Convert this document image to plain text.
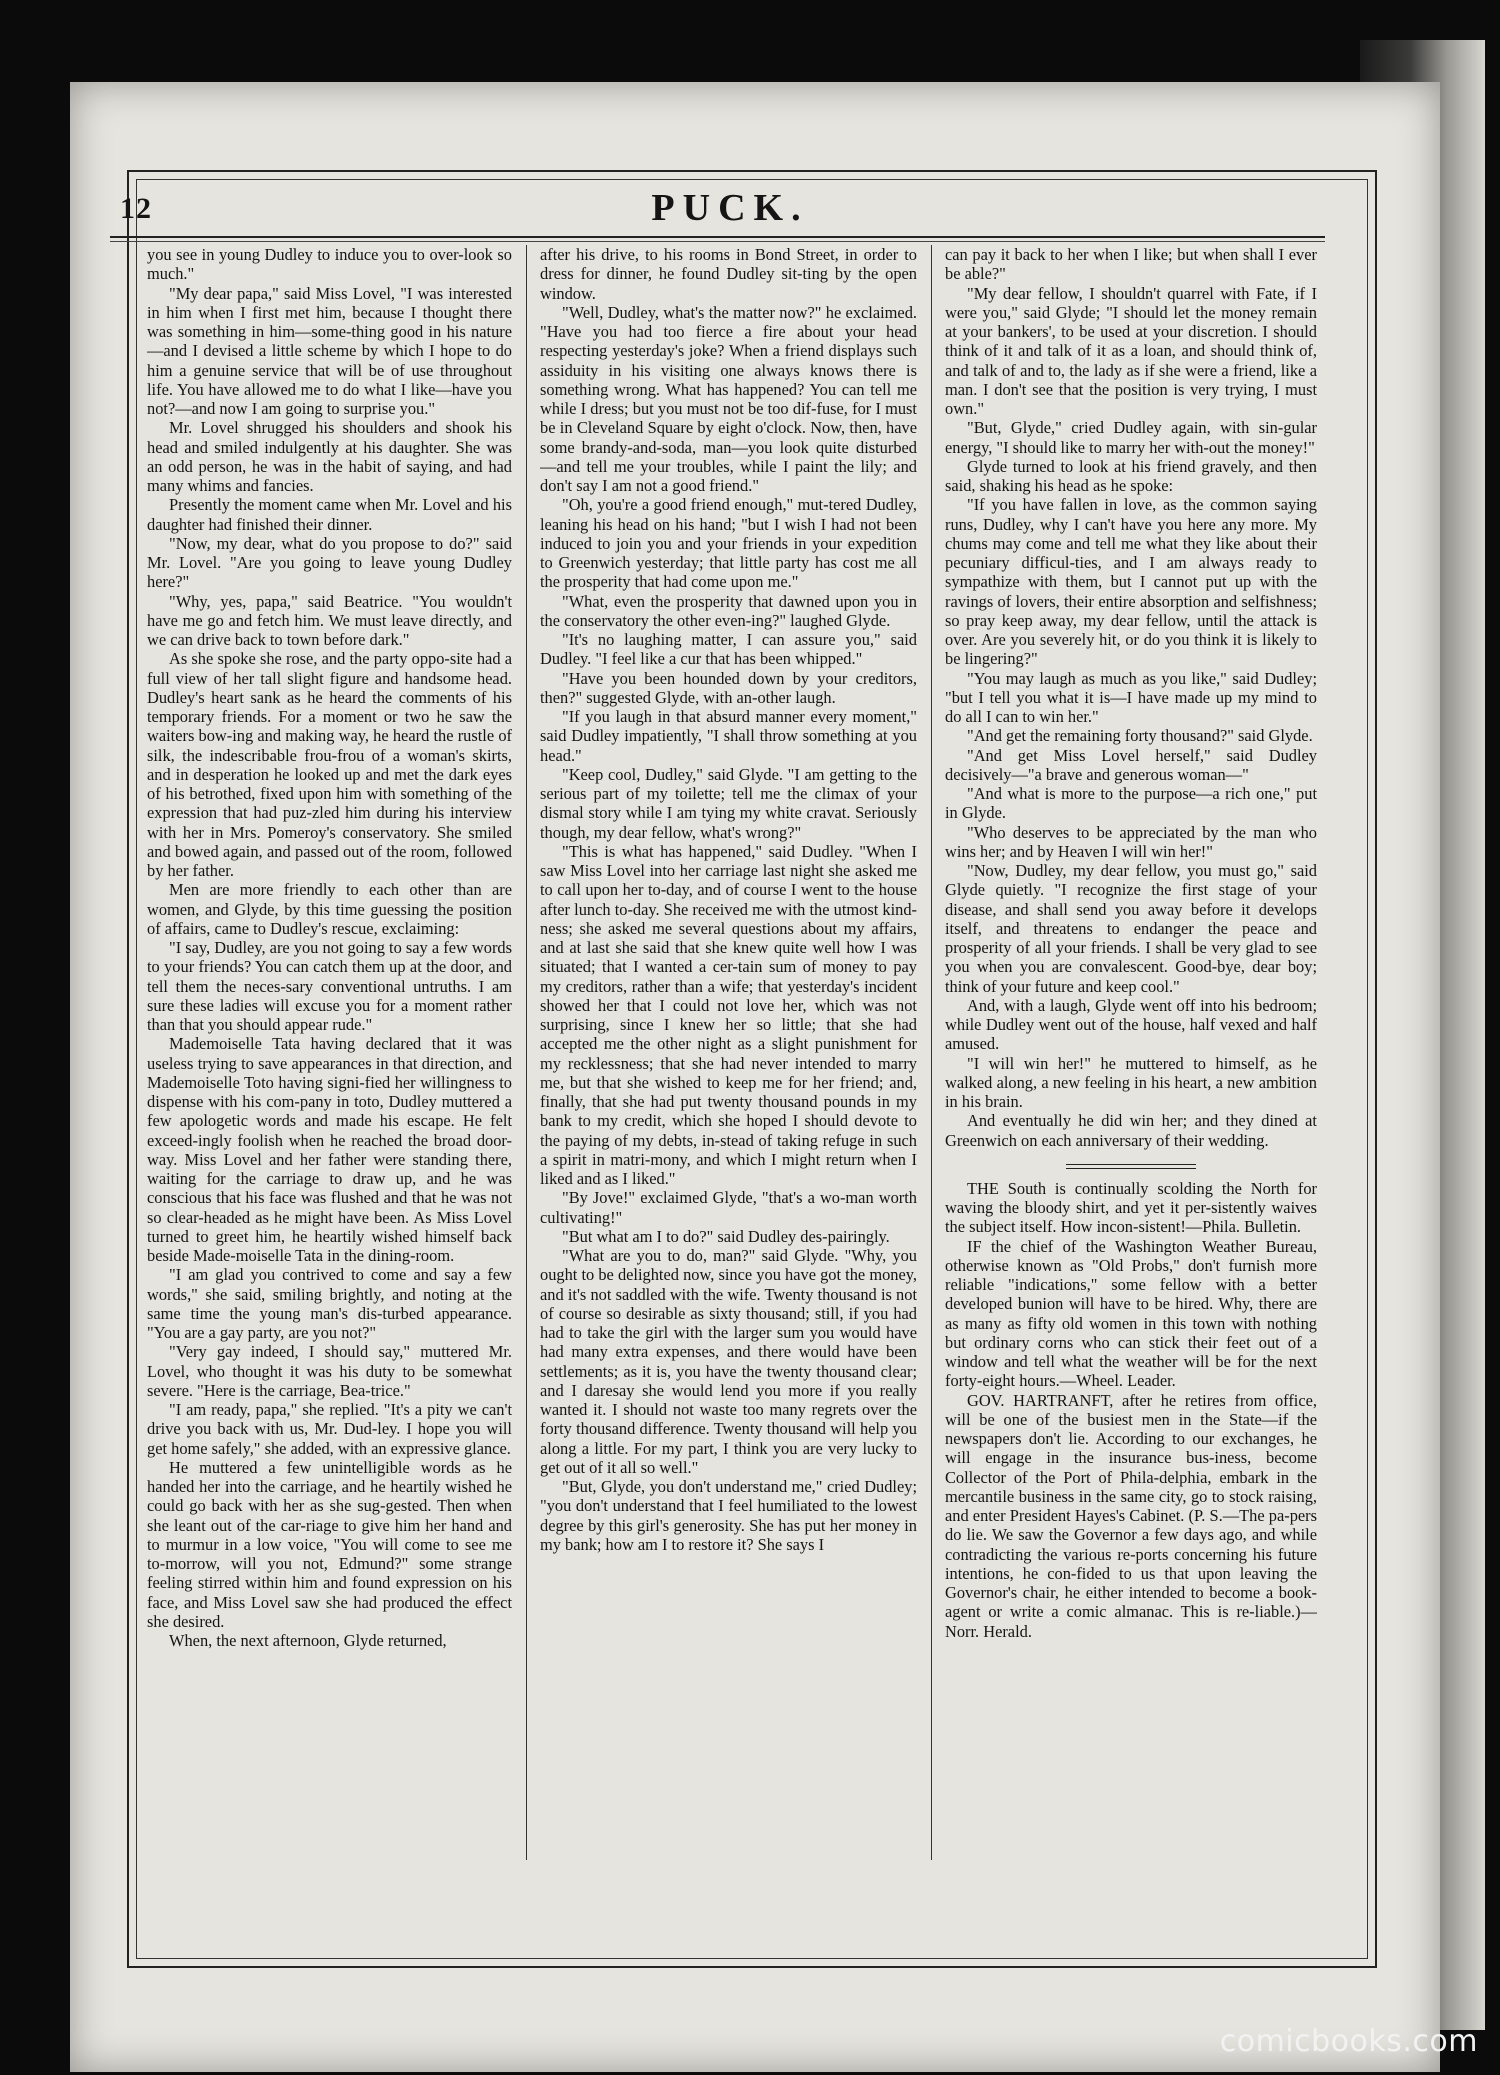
12	PUCK.

you see in young Dudley to induce you to over-look so much."

"My dear papa," said Miss Lovel, "I was interested in him when I first met him, because I thought there was something in him—some-thing good in his nature—and I devised a little scheme by which I hope to do him a genuine service that will be of use throughout life. You have allowed me to do what I like—have you not?—and now I am going to surprise you."

Mr. Lovel shrugged his shoulders and shook his head and smiled indulgently at his daughter. She was an odd person, he was in the habit of saying, and had many whims and fancies.

Presently the moment came when Mr. Lovel and his daughter had finished their dinner.

"Now, my dear, what do you propose to do?" said Mr. Lovel. "Are you going to leave young Dudley here?"

"Why, yes, papa," said Beatrice. "You wouldn't have me go and fetch him. We must leave directly, and we can drive back to town before dark."

As she spoke she rose, and the party oppo-site had a full view of her tall slight figure and handsome head. Dudley's heart sank as he heard the comments of his temporary friends. For a moment or two he saw the waiters bow-ing and making way, he heard the rustle of silk, the indescribable frou-frou of a woman's skirts, and in desperation he looked up and met the dark eyes of his betrothed, fixed upon him with something of the expression that had puz-zled him during his interview with her in Mrs. Pomeroy's conservatory. She smiled and bowed again, and passed out of the room, followed by her father.

Men are more friendly to each other than are women, and Glyde, by this time guessing the position of affairs, came to Dudley's rescue, exclaiming:

"I say, Dudley, are you not going to say a few words to your friends? You can catch them up at the door, and tell them the neces-sary conventional untruths. I am sure these ladies will excuse you for a moment rather than that you should appear rude."

Mademoiselle Tata having declared that it was useless trying to save appearances in that direction, and Mademoiselle Toto having signi-fied her willingness to dispense with his com-pany in toto, Dudley muttered a few apologetic words and made his escape. He felt exceed-ingly foolish when he reached the broad door-way. Miss Lovel and her father were standing there, waiting for the carriage to draw up, and he was conscious that his face was flushed and that he was not so clear-headed as he might have been. As Miss Lovel turned to greet him, he heartily wished himself back beside Made-moiselle Tata in the dining-room.

"I am glad you contrived to come and say a few words," she said, smiling brightly, and noting at the same time the young man's dis-turbed appearance. "You are a gay party, are you not?"

"Very gay indeed, I should say," muttered Mr. Lovel, who thought it was his duty to be somewhat severe. "Here is the carriage, Bea-trice."

"I am ready, papa," she replied. "It's a pity we can't drive you back with us, Mr. Dud-ley. I hope you will get home safely," she added, with an expressive glance.

He muttered a few unintelligible words as he handed her into the carriage, and he heartily wished he could go back with her as she sug-gested. Then when she leant out of the car-riage to give him her hand and to murmur in a low voice, "You will come to see me to-morrow, will you not, Edmund?" some strange feeling stirred within him and found expression on his face, and Miss Lovel saw she had produced the effect she desired.

When, the next afternoon, Glyde returned,

after his drive, to his rooms in Bond Street, in order to dress for dinner, he found Dudley sit-ting by the open window.

"Well, Dudley, what's the matter now?" he exclaimed. "Have you had too fierce a fire about your head respecting yesterday's joke? When a friend displays such assiduity in his visiting one always knows there is something wrong. What has happened? You can tell me while I dress; but you must not be too dif-fuse, for I must be in Cleveland Square by eight o'clock. Now, then, have some brandy-and-soda, man—you look quite disturbed—and tell me your troubles, while I paint the lily; and don't say I am not a good friend."

"Oh, you're a good friend enough," mut-tered Dudley, leaning his head on his hand; "but I wish I had not been induced to join you and your friends in your expedition to Greenwich yesterday; that little party has cost me all the prosperity that had come upon me."

"What, even the prosperity that dawned upon you in the conservatory the other even-ing?" laughed Glyde.

"It's no laughing matter, I can assure you," said Dudley. "I feel like a cur that has been whipped."

"Have you been hounded down by your creditors, then?" suggested Glyde, with an-other laugh.

"If you laugh in that absurd manner every moment," said Dudley impatiently, "I shall throw something at you head."

"Keep cool, Dudley," said Glyde. "I am getting to the serious part of my toilette; tell me the climax of your dismal story while I am tying my white cravat. Seriously though, my dear fellow, what's wrong?"

"This is what has happened," said Dudley. "When I saw Miss Lovel into her carriage last night she asked me to call upon her to-day, and of course I went to the house after lunch to-day. She received me with the utmost kind-ness; she asked me several questions about my affairs, and at last she said that she knew quite well how I was situated; that I wanted a cer-tain sum of money to pay my creditors, rather than a wife; that yesterday's incident showed her that I could not love her, which was not surprising, since I knew her so little; that she had accepted me the other night as a slight punishment for my recklessness; that she had never intended to marry me, but that she wished to keep me for her friend; and, finally, that she had put twenty thousand pounds in my bank to my credit, which she hoped I should devote to the paying of my debts, in-stead of taking refuge in such a spirit in matri-mony, and which I might return when I liked and as I liked."

"By Jove!" exclaimed Glyde, "that's a wo-man worth cultivating!"

"But what am I to do?" said Dudley des-pairingly.

"What are you to do, man?" said Glyde. "Why, you ought to be delighted now, since you have got the money, and it's not saddled with the wife. Twenty thousand is not of course so desirable as sixty thousand; still, if you had had to take the girl with the larger sum you would have had many extra expenses, and there would have been settlements; as it is, you have the twenty thousand clear; and I daresay she would lend you more if you really wanted it. I should not waste too many regrets over the forty thousand difference. Twenty thousand will help you along a little. For my part, I think you are very lucky to get out of it all so well."

"But, Glyde, you don't understand me," cried Dudley; "you don't understand that I feel humiliated to the lowest degree by this girl's generosity. She has put her money in my bank; how am I to restore it? She says I

can pay it back to her when I like; but when shall I ever be able?"

"My dear fellow, I shouldn't quarrel with Fate, if I were you," said Glyde; "I should let the money remain at your bankers', to be used at your discretion. I should think of it and talk of it as a loan, and should think of, and talk of and to, the lady as if she were a friend, like a man. I don't see that the position is very trying, I must own."

"But, Glyde," cried Dudley again, with sin-gular energy, "I should like to marry her with-out the money!"

Glyde turned to look at his friend gravely, and then said, shaking his head as he spoke:

"If you have fallen in love, as the common saying runs, Dudley, why I can't have you here any more. My chums may come and tell me what they like about their pecuniary difficul-ties, and I am always ready to sympathize with them, but I cannot put up with the ravings of lovers, their entire absorption and selfishness; so pray keep away, my dear fellow, until the attack is over. Are you severely hit, or do you think it is likely to be lingering?"

"You may laugh as much as you like," said Dudley; "but I tell you what it is—I have made up my mind to do all I can to win her."

"And get the remaining forty thousand?" said Glyde.

"And get Miss Lovel herself," said Dudley decisively—"a brave and generous woman—"

"And what is more to the purpose—a rich one," put in Glyde.

"Who deserves to be appreciated by the man who wins her; and by Heaven I will win her!"

"Now, Dudley, my dear fellow, you must go," said Glyde quietly. "I recognize the first stage of your disease, and shall send you away before it develops itself, and threatens to endanger the peace and prosperity of all your friends. I shall be very glad to see you when you are convalescent. Good-bye, dear boy; think of your future and keep cool."

And, with a laugh, Glyde went off into his bedroom; while Dudley went out of the house, half vexed and half amused.

"I will win her!" he muttered to himself, as he walked along, a new feeling in his heart, a new ambition in his brain.

And eventually he did win her; and they dined at Greenwich on each anniversary of their wedding.

THE South is continually scolding the North for waving the bloody shirt, and yet it per-sistently waives the subject itself. How incon-sistent!—Phila. Bulletin.

IF the chief of the Washington Weather Bureau, otherwise known as "Old Probs," don't furnish more reliable "indications," some fellow with a better developed bunion will have to be hired. Why, there are as many as fifty old women in this town with nothing but ordinary corns who can stick their feet out of a window and tell what the weather will be for the next forty-eight hours.—Wheel. Leader.

GOV. HARTRANFT, after he retires from office, will be one of the busiest men in the State—if the newspapers don't lie. According to our exchanges, he will engage in the insurance bus-iness, become Collector of the Port of Phila-delphia, embark in the mercantile business in the same city, go to stock raising, and enter President Hayes's Cabinet. (P. S.—The pa-pers do lie. We saw the Governor a few days ago, and while contradicting the various re-ports concerning his future intentions, he con-fided to us that upon leaving the Governor's chair, he either intended to become a book-agent or write a comic almanac. This is re-liable.)—Norr. Herald.

comicbooks.com
